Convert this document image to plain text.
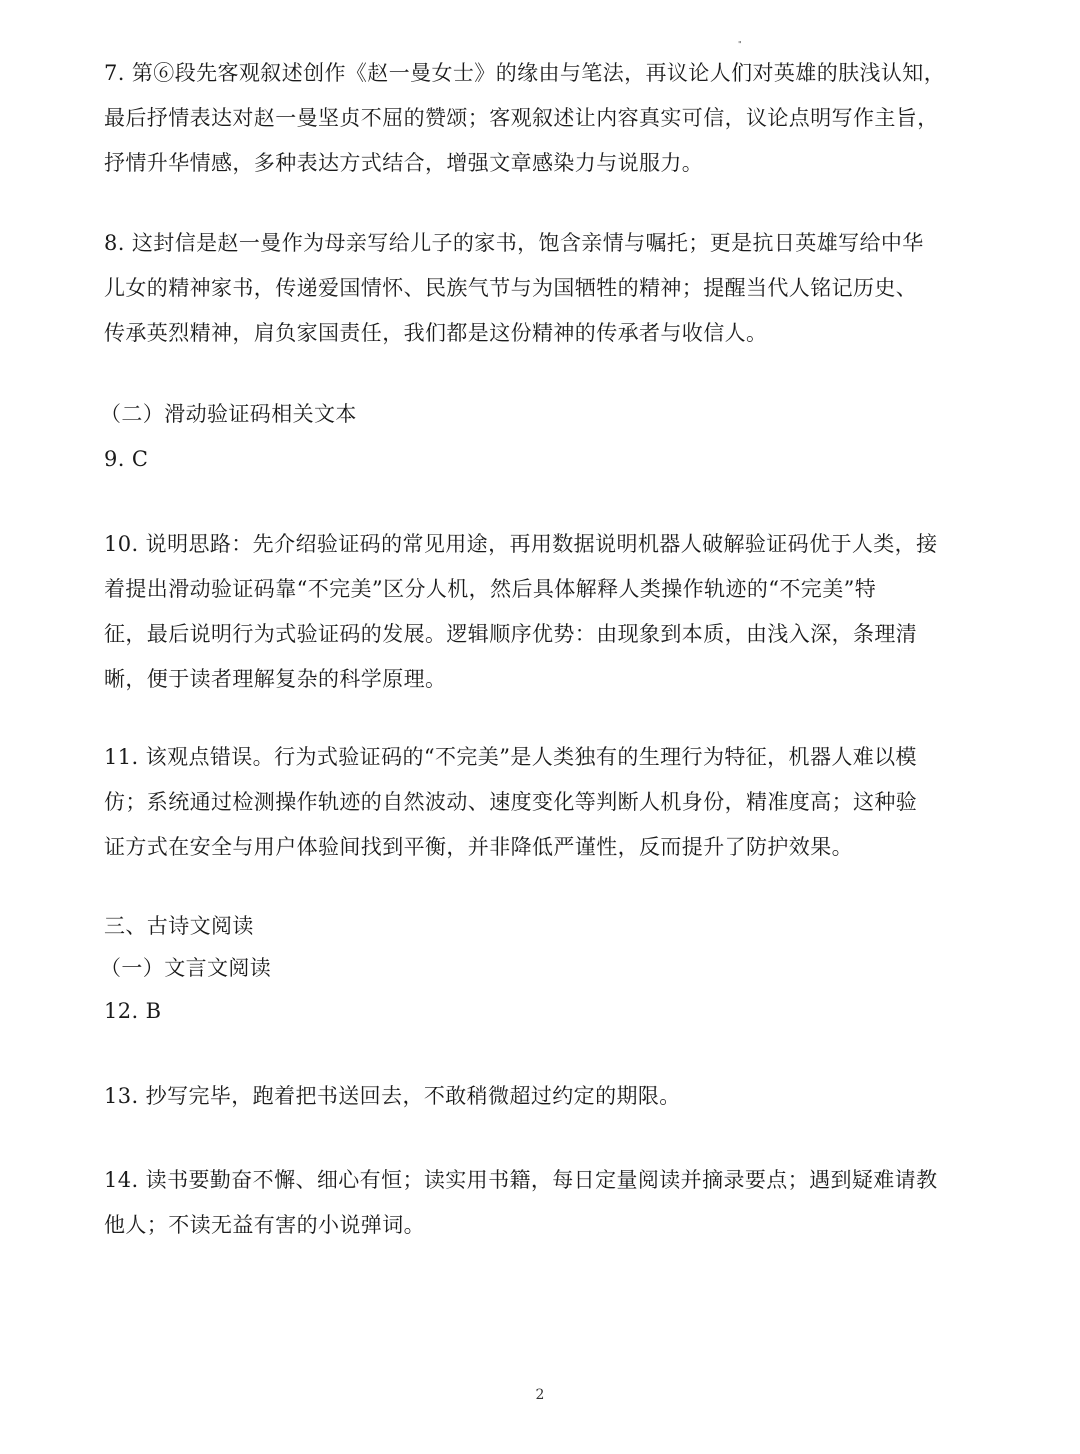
"
7. 第⑥段先客观叙述创作《赵一曼女士》的缘由与笔法，再议论人们对英雄的肤浅认知，
最后抒情表达对赵一曼坚贞不屈的赞颂；客观叙述让内容真实可信，议论点明写作主旨，
抒情升华情感，多种表达方式结合，增强文章感染力与说服力。
8. 这封信是赵一曼作为母亲写给儿子的家书，饱含亲情与嘱托；更是抗日英雄写给中华
儿女的精神家书，传递爱国情怀、民族气节与为国牺牲的精神；提醒当代人铭记历史、
传承英烈精神，肩负家国责任，我们都是这份精神的传承者与收信人。
（二）滑动验证码相关文本
9. C
10. 说明思路：先介绍验证码的常见用途，再用数据说明机器人破解验证码优于人类，接
着提出滑动验证码靠“不完美”区分人机，然后具体解释人类操作轨迹的“不完美”特
征，最后说明行为式验证码的发展。逻辑顺序优势：由现象到本质，由浅入深，条理清
晰，便于读者理解复杂的科学原理。
11. 该观点错误。行为式验证码的“不完美”是人类独有的生理行为特征，机器人难以模
仿；系统通过检测操作轨迹的自然波动、速度变化等判断人机身份，精准度高；这种验
证方式在安全与用户体验间找到平衡，并非降低严谨性，反而提升了防护效果。
三、古诗文阅读
（一）文言文阅读
12. B
13. 抄写完毕，跑着把书送回去，不敢稍微超过约定的期限。
14. 读书要勤奋不懈、细心有恒；读实用书籍，每日定量阅读并摘录要点；遇到疑难请教
他人；不读无益有害的小说弹词。
2
